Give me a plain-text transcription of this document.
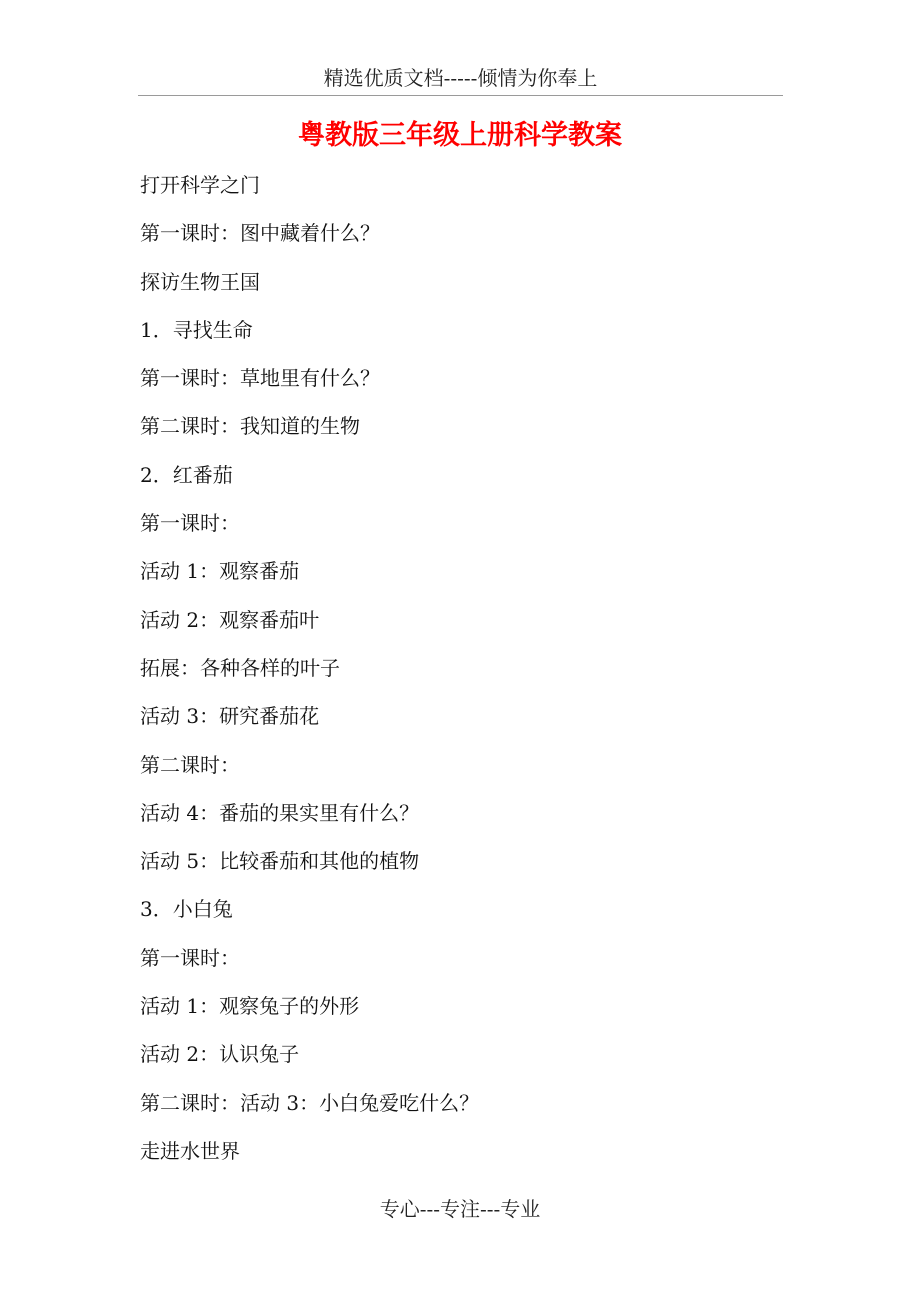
精选优质文档-----倾情为你奉上
粤教版三年级上册科学教案
打开科学之门
第一课时：图中藏着什么？
探访生物王国
1．寻找生命
第一课时：草地里有什么？
第二课时：我知道的生物
2．红番茄
第一课时：
活动 1：观察番茄
活动 2：观察番茄叶
拓展：各种各样的叶子
活动 3：研究番茄花
第二课时：
活动 4：番茄的果实里有什么？
活动 5：比较番茄和其他的植物
3．小白兔
第一课时：
活动 1：观察兔子的外形
活动 2：认识兔子
第二课时：活动 3：小白兔爱吃什么？
走进水世界
专心---专注---专业
